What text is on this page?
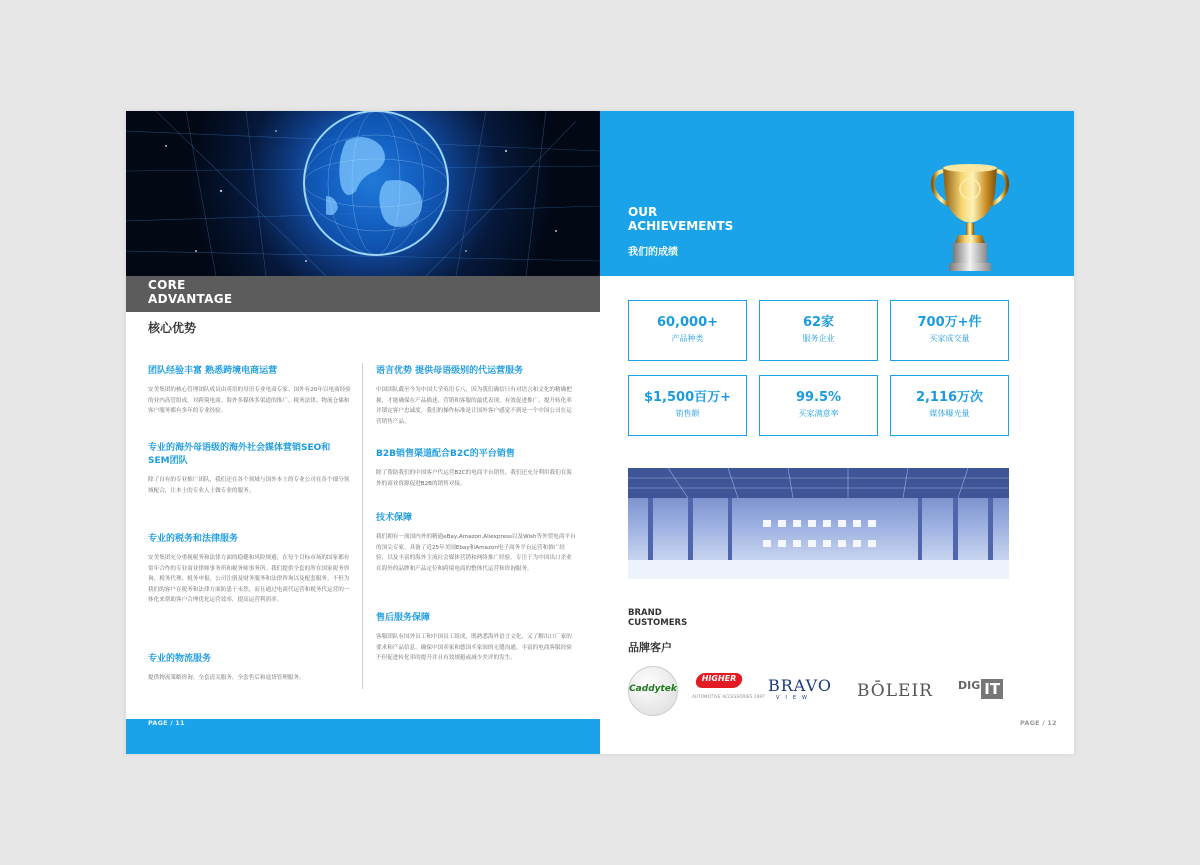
CORE
ADVANTAGE
核心优势

团队经验丰富 熟悉跨境电商运营

安美集团的核心管理团队成员由英语的母语专业电商专家、国外有20年以电商经验的业内高管组成。对跨境电商、海外多媒体多渠道的推广、税务法律、物流仓储和客户服务都有多年的专业经验。

专业的海外母语级的海外社会媒体营销SEO和SEM团队

除了自有的专业推广团队，我们还在各个领域与国外本土的专业公司在各个细分领域配合，让本土的专业人士做专业的服务。

专业的税务和法律服务

安美集团充分重视税务和法律方面的稳健和风险规避，在每个目标市场的国家都有常年合作的专业商业律师事务所和税务师事务所。我们提供全套的所在国家税务咨询、税务代理、税务申报、公司注册及财务服务和法律咨询以及配套服务。不但为我们的客户在税务和法律方面防患于未然，而且通过电商代运营和税务代运营的一体化来帮助客户合理优化运营效率，提高运营利润率。

专业的物流服务

提供物流策略咨询、全套清关服务、全套售后和退货管理服务。

语言优势 提供母语级别的代运营服务

中国团队截至今为中国大学英语专八，因为我们确信只有对语言和文化的精确把握，才能确保在产品描述、营销和客服的最优表现，有效促进推广，提升转化率并锁定客户忠诚度。我们的操作标准是让国外客户感觉不到是一个中国公司在运营销售产品。

B2B销售渠道配合B2C的平台销售

除了帮助我们的中国客户代运营B2C的电商平台销售，我们还充分利用我们在海外的商业资源促进B2B的销售对接。

技术保障

我们拥有一流国内外的精通eBay,Amazon,Aliexpress以及Wish等外贸电商平台的顶尖专家，具备了近25年美国Ebay和Amazon电子商务平台运营和推广经验，以及丰富的海外主流社会媒体营销和网络推广经验。专注于为中国出口企业在海外的品牌和产品定位和跨境电商的整体代运营和咨询服务。

售后服务保障

客服团队有国外员工和中国员工组成，既熟悉海外语言文化，又了解出口厂家的要求和产品信息，确保中国卖家和德国买家间的无缝沟通。丰富的电商客服经验不但促进转化率的提升并且有效规避或减少差评的发生。

PAGE / 11
OUR
ACHIEVEMENTS
我们的成绩
60,000+
产品种类
62家
服务企业
700万+件
买家成交量
$1,500百万+
销售额
99.5%
买家满意率
2,116万次
媒体曝光量
BRAND
CUSTOMERS
品牌客户
Caddytek
HIGHER
AUTOMOTIVE ACCESSORIES 1997
BRAVO
VIEW	BŌLEIR $^{DIG}$ IT
PAGE / 12
